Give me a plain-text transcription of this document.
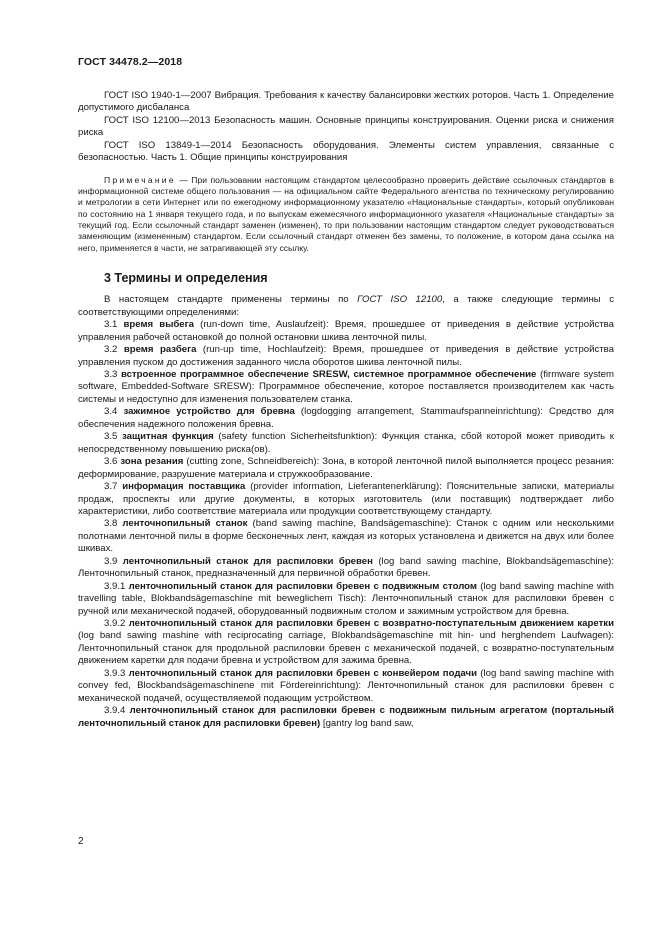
ГОСТ 34478.2—2018

ГОСТ ISO 1940-1—2007 Вибрация. Требования к качеству балансировки жестких роторов. Часть 1. Определение допустимого дисбаланса

ГОСТ ISO 12100—2013 Безопасность машин. Основные принципы конструирования. Оценки риска и снижения риска

ГОСТ ISO 13849-1—2014 Безопасность оборудования. Элементы систем управления, связанные с безопасностью. Часть 1. Общие принципы конструирования

Примечание — При пользовании настоящим стандартом целесообразно проверить действие ссылочных стандартов в информационной системе общего пользования — на официальном сайте Федерального агентства по техническому регулированию и метрологии в сети Интернет или по ежегодному информационному указателю «Национальные стандарты», который опубликован по состоянию на 1 января текущего года, и по выпускам ежемесячного информационного указателя «Национальные стандарты» за текущий год. Если ссылочный стандарт заменен (изменен), то при пользовании настоящим стандартом следует руководствоваться заменяющим (измененным) стандартом. Если ссылочный стандарт отменен без замены, то положение, в котором дана ссылка на него, применяется в части, не затрагивающей эту ссылку.

3 Термины и определения

В настоящем стандарте применены термины по ГОСТ ISO 12100, а также следующие термины с соответствующими определениями:

3.1 время выбега (run-down time, Auslaufzeit): Время, прошедшее от приведения в действие устройства управления рабочей остановкой до полной остановки шкива ленточной пилы.

3.2 время разбега (run-up time, Hochlaufzeit): Время, прошедшее от приведения в действие устройства управления пуском до достижения заданного числа оборотов шкива ленточной пилы.

3.3 встроенное программное обеспечение SRESW, системное программное обеспечение (firmware system software, Embedded-Software SRESW): Программное обеспечение, которое поставляется производителем как часть системы и недоступно для изменения пользователем станка.

3.4 зажимное устройство для бревна (logdogging arrangement, Stammaufspanneinrichtung): Средство для обеспечения надежного положения бревна.

3.5 защитная функция (safety function Sicherheitsfunktion): Функция станка, сбой которой может приводить к непосредственному повышению риска(ов).

3.6 зона резания (cutting zone, Schneidbereich): Зона, в которой ленточной пилой выполняется процесс резания: деформирование, разрушение материала и стружкообразование.

3.7 информация поставщика (provider information, Lieferantenerklärung): Пояснительные записки, материалы продаж, проспекты или другие документы, в которых изготовитель (или поставщик) подтверждает либо характеристики, либо соответствие материала или продукции соответствующему стандарту.

3.8 ленточнопильный станок (band sawing machine, Bandsägemaschine): Станок с одним или несколькими полотнами ленточной пилы в форме бесконечных лент, каждая из которых установлена и движется на двух или более шкивах.

3.9 ленточнопильный станок для распиловки бревен (log band sawing machine, Blokbandsägemaschine): Ленточнопильный станок, предназначенный для первичной обработки бревен.

3.9.1 ленточнопильный станок для распиловки бревен с подвижным столом (log band sawing machine with travelling table, Blokbandsägemaschine mit beweglichem Tisch): Ленточнопильный станок для распиловки бревен с ручной или механической подачей, оборудованный подвижным столом и зажимным устройством для бревна.

3.9.2 ленточнопильный станок для распиловки бревен с возвратно-поступательным движением каретки (log band sawing mashine with reciprocating carriage, Blokbandsägemaschine mit hin- und herghendem Laufwagen): Ленточнопильный станок для продольной распиловки бревен с механической подачей, с возвратно-поступательным движением каретки для подачи бревна и устройством для зажима бревна.

3.9.3 ленточнопильный станок для распиловки бревен с конвейером подачи (log band sawing machine with convey fed, Blockbandsägemaschinene mit Fördereinrichtung): Ленточнопильный станок для распиловки бревен с механической подачей, осуществляемой подающим устройством.

3.9.4 ленточнопильный станок для распиловки бревен с подвижным пильным агрегатом (портальный ленточнопильный станок для распиловки бревен) [gantry log band saw,

2
